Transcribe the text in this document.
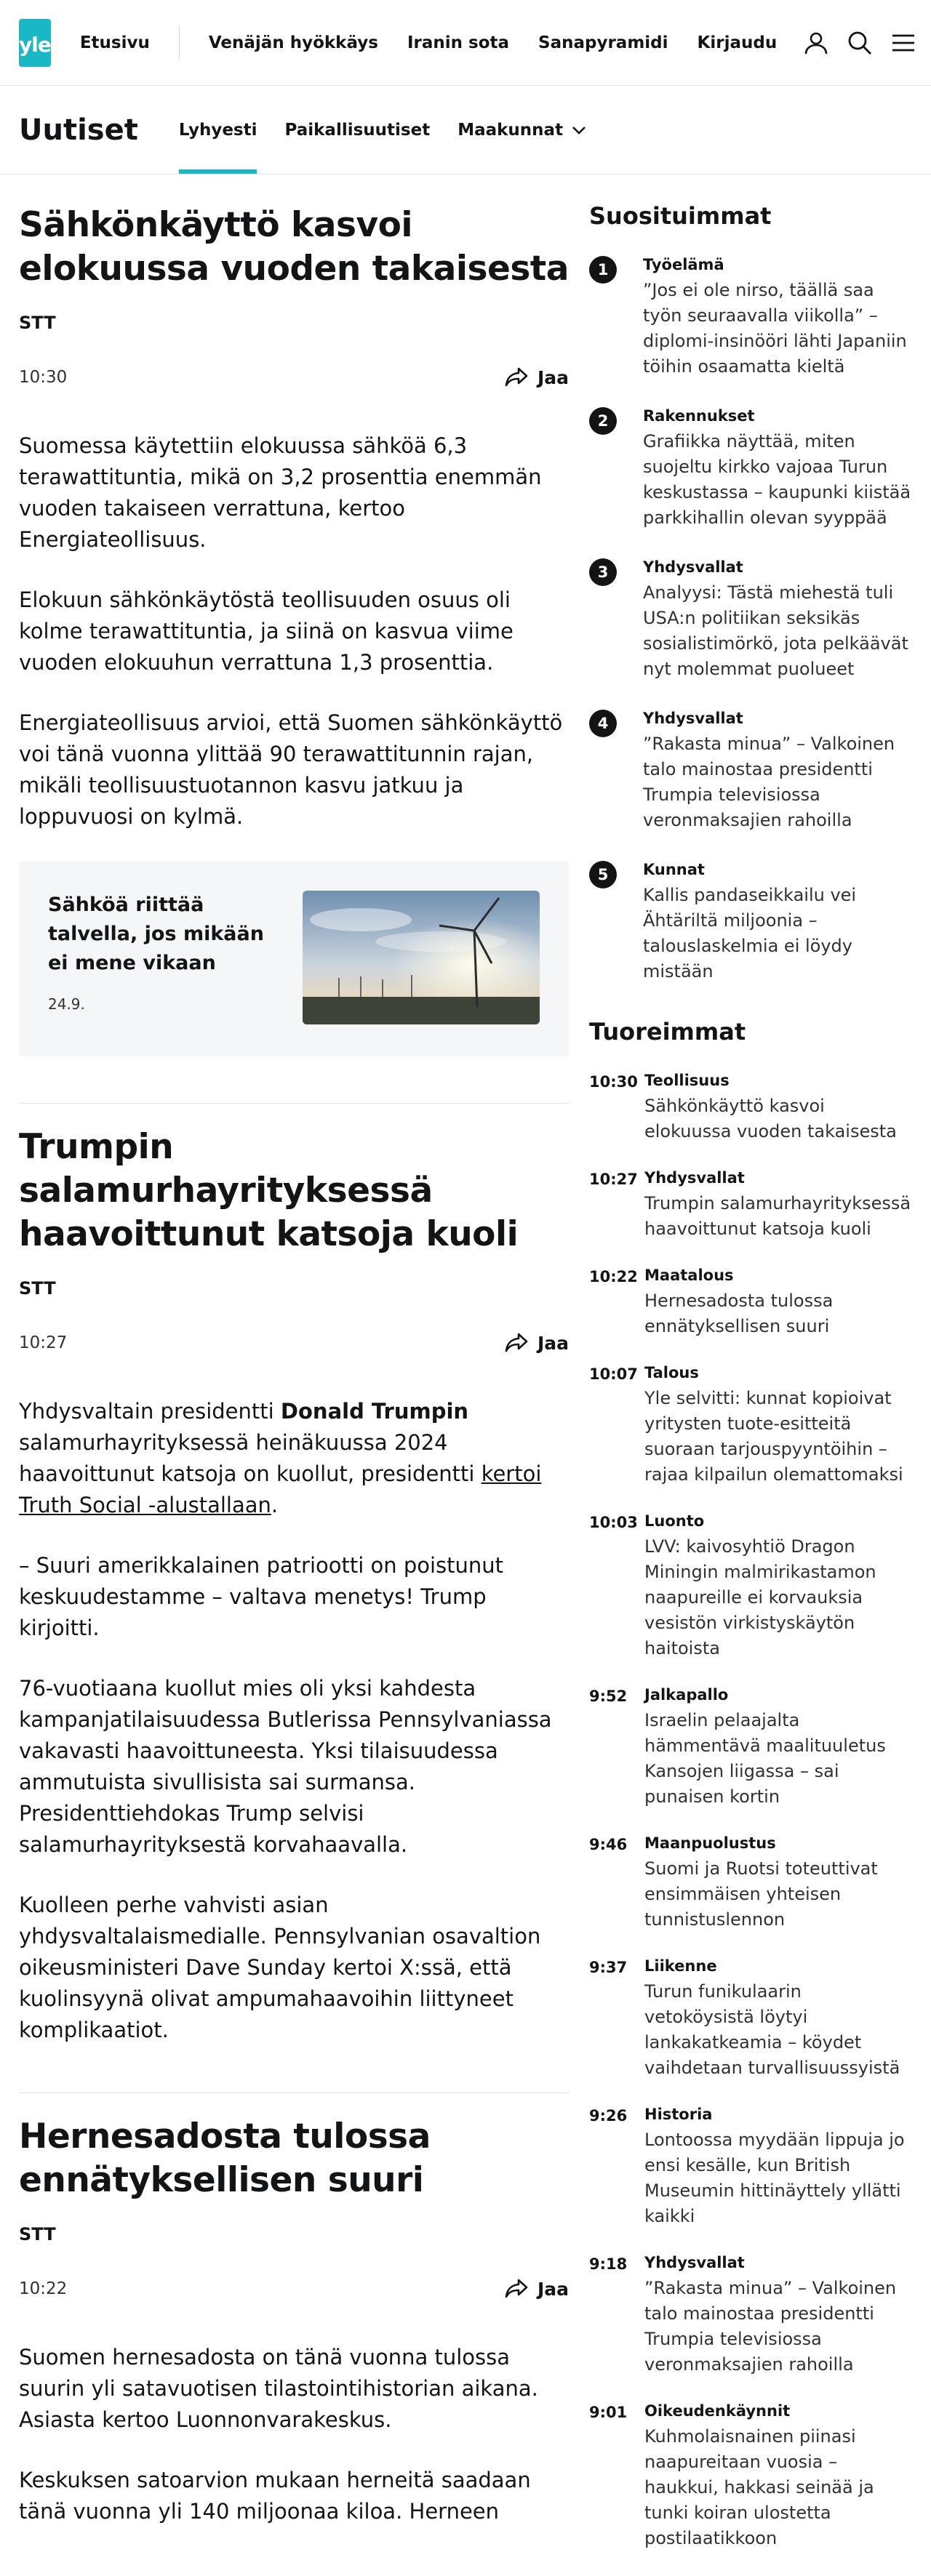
yle Etusivu	Venäjän hyökkäys Iranin sota Sanapyramidi Kirjaudu
Uutiset Lyhyesti Paikallisuutiset Maakunnat
Sähkönkäyttö kasvoi elokuussa vuoden takaisesta
STT
10:30	Jaa

Suomessa käytettiin elokuussa sähköä 6,3 terawattituntia, mikä on 3,2 prosenttia enemmän vuoden takaiseen verrattuna, kertoo Energiateollisuus.

Elokuun sähkönkäytöstä teollisuuden osuus oli kolme terawattituntia, ja siinä on kasvua viime vuoden elokuuhun verrattuna 1,3 prosenttia.

Energiateollisuus arvioi, että Suomen sähkönkäyttö voi tänä vuonna ylittää 90 terawattitunnin rajan, mikäli teollisuustuotannon kasvu jatkuu ja loppuvuosi on kylmä.

Sähköä riittää talvella, jos mikään ei mene vikaan
24.9.
Trumpin salamurhayrityksessä haavoittunut katsoja kuoli
STT
10:27	Jaa

Yhdysvaltain presidentti Donald Trumpin salamurhayrityksessä heinäkuussa 2024 haavoittunut katsoja on kuollut, presidentti kertoi Truth Social -alustallaan.

– Suuri amerikkalainen patriootti on poistunut keskuudestamme – valtava menetys! Trump kirjoitti.

76-vuotiaana kuollut mies oli yksi kahdesta kampanjatilaisuudessa Butlerissa Pennsylvaniassa vakavasti haavoittuneesta. Yksi tilaisuudessa ammutuista sivullisista sai surmansa. Presidenttiehdokas Trump selvisi salamurhayrityksestä korvahaavalla.

Kuolleen perhe vahvisti asian yhdysvaltalaismedialle. Pennsylvanian osavaltion oikeusministeri Dave Sunday kertoi X:ssä, että kuolinsyynä olivat ampumahaavoihin liittyneet komplikaatiot.

Hernesadosta tulossa ennätyksellisen suuri
STT
10:22	Jaa

Suomen hernesadosta on tänä vuonna tulossa suurin yli satavuotisen tilastointihistorian aikana. Asiasta kertoo Luonnonvarakeskus.

Keskuksen satoarvion mukaan herneitä saadaan tänä vuonna yli 140 miljoonaa kiloa. Herneen

Suosituimmat
1	Työelämä
”Jos ei ole nirso, täällä saa työn seuraavalla viikolla” – diplomi-insinööri lähti Japaniin töihin osaamatta kieltä
2	Rakennukset
Grafiikka näyttää, miten suojeltu kirkko vajoaa Turun keskustassa – kaupunki kiistää parkkihallin olevan syyppää
3	Yhdysvallat
Analyysi: Tästä miehestä tuli USA:n politiikan seksikäs sosialistimörkö, jota pelkäävät nyt molemmat puolueet
4	Yhdysvallat
”Rakasta minua” – Valkoinen talo mainostaa presidentti Trumpia televisiossa veronmaksajien rahoilla
5	Kunnat
Kallis pandaseikkailu vei Ähtäriltä miljoonia – talouslaskelmia ei löydy mistään
Tuoreimmat
10:30 Teollisuus
Sähkönkäyttö kasvoi elokuussa vuoden takaisesta
10:27 Yhdysvallat
Trumpin salamurhayrityksessä haavoittunut katsoja kuoli
10:22 Maatalous
Hernesadosta tulossa ennätyksellisen suuri
10:07 Talous
Yle selvitti: kunnat kopioivat yritysten tuote-esitteitä suoraan tarjouspyyntöihin – rajaa kilpailun olemattomaksi
10:03 Luonto
LVV: kaivosyhtiö Dragon Miningin malmirikastamon naapureille ei korvauksia vesistön virkistyskäytön haitoista
9:52	Jalkapallo
Israelin pelaajalta hämmentävä maalituuletus Kansojen liigassa – sai punaisen kortin
9:46	Maanpuolustus
Suomi ja Ruotsi toteuttivat ensimmäisen yhteisen tunnistuslennon
9:37	Liikenne
Turun funikulaarin vetoköysistä löytyi lankakatkeamia – köydet vaihdetaan turvallisuussyistä
9:26	Historia
Lontoossa myydään lippuja jo ensi kesälle, kun British Museumin hittinäyttely yllätti kaikki
9:18	Yhdysvallat
”Rakasta minua” – Valkoinen talo mainostaa presidentti Trumpia televisiossa veronmaksajien rahoilla
9:01	Oikeudenkäynnit
Kuhmolaisnainen piinasi naapureitaan vuosia – haukkui, hakkasi seinää ja tunki koiran ulostetta postilaatikkoon
